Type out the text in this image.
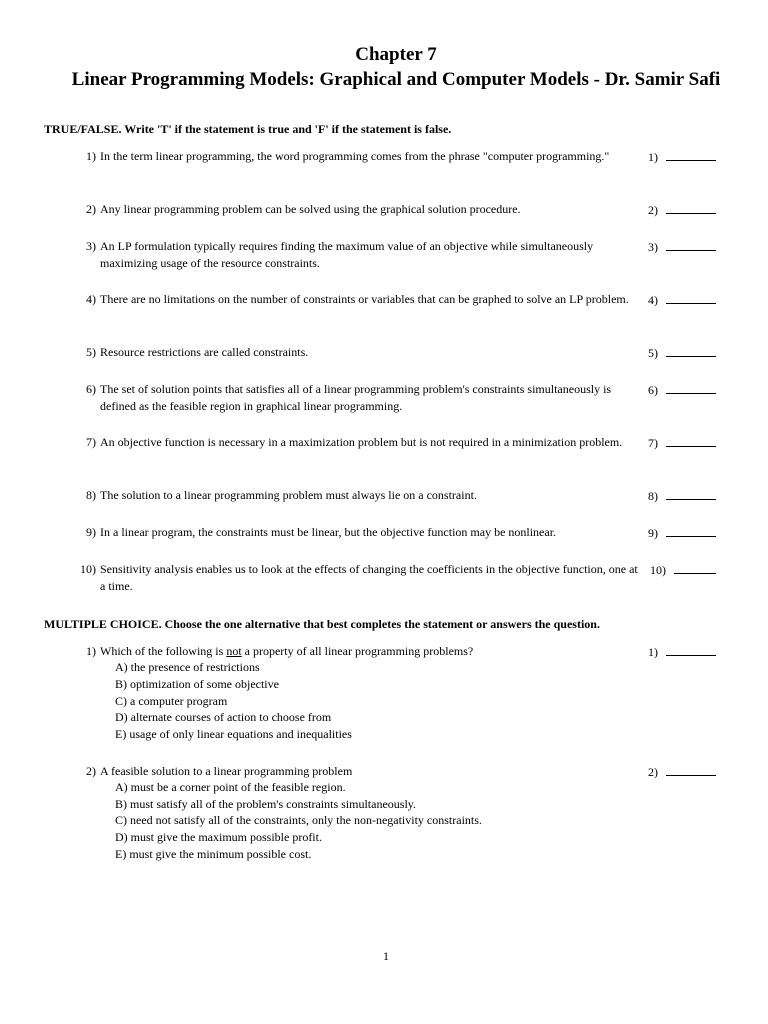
Chapter 7
Linear Programming Models: Graphical and Computer Models - Dr. Samir Safi
TRUE/FALSE. Write 'T' if the statement is true and 'F' if the statement is false.
1) In the term linear programming, the word programming comes from the phrase "computer programming."	1)
2) Any linear programming problem can be solved using the graphical solution procedure.	2)
3) An LP formulation typically requires finding the maximum value of an objective while simultaneously maximizing usage of the resource constraints.
3)
4) There are no limitations on the number of constraints or variables that can be graphed to solve an LP problem.	4)
5) Resource restrictions are called constraints.	5)
6) The set of solution points that satisfies all of a linear programming problem's constraints simultaneously is defined as the feasible region in graphical linear programming.
6)
7) An objective function is necessary in a maximization problem but is not required in a minimization problem.	7)
8) The solution to a linear programming problem must always lie on a constraint.	8)
9) In a linear program, the constraints must be linear, but the objective function may be nonlinear.	9)
10) Sensitivity analysis enables us to look at the effects of changing the coefficients in the objective function, one at a time.
10)
MULTIPLE CHOICE. Choose the one alternative that best completes the statement or answers the question.
1) Which of the following is not a property of all linear programming problems?	1)
A) the presence of restrictions
B) optimization of some objective
C) a computer program
D) alternate courses of action to choose from
E) usage of only linear equations and inequalities
2) A feasible solution to a linear programming problem	2)
A) must be a corner point of the feasible region.
B) must satisfy all of the problem's constraints simultaneously.
C) need not satisfy all of the constraints, only the non-negativity constraints.
D) must give the maximum possible profit.
E) must give the minimum possible cost.
1
